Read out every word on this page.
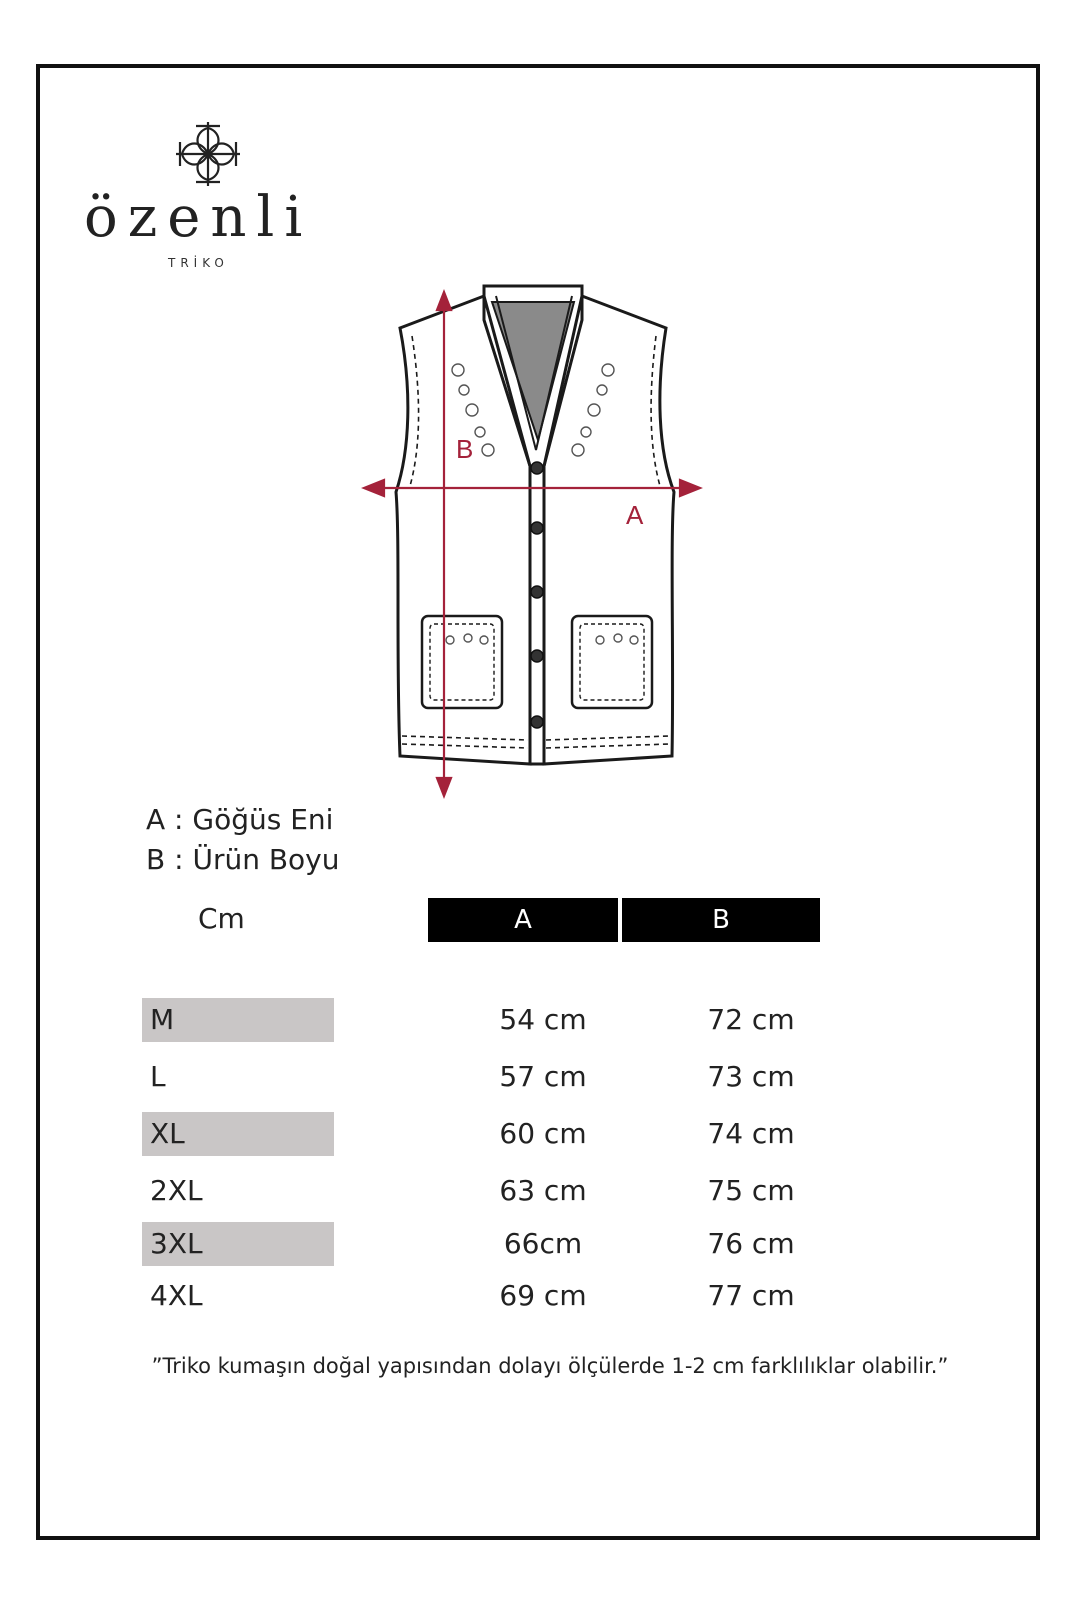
özenli
TRİKO
B
A
A : Göğüs Eni
B : Ürün Boyu
Cm	A	B
M	54 cm	72 cm
L	57 cm	73 cm
XL	60 cm	74 cm
2XL	63 cm	75 cm
3XL	66cm	76 cm
4XL	69 cm	77 cm
”Triko kumaşın doğal yapısından dolayı ölçülerde 1-2 cm farklılıklar olabilir.”
